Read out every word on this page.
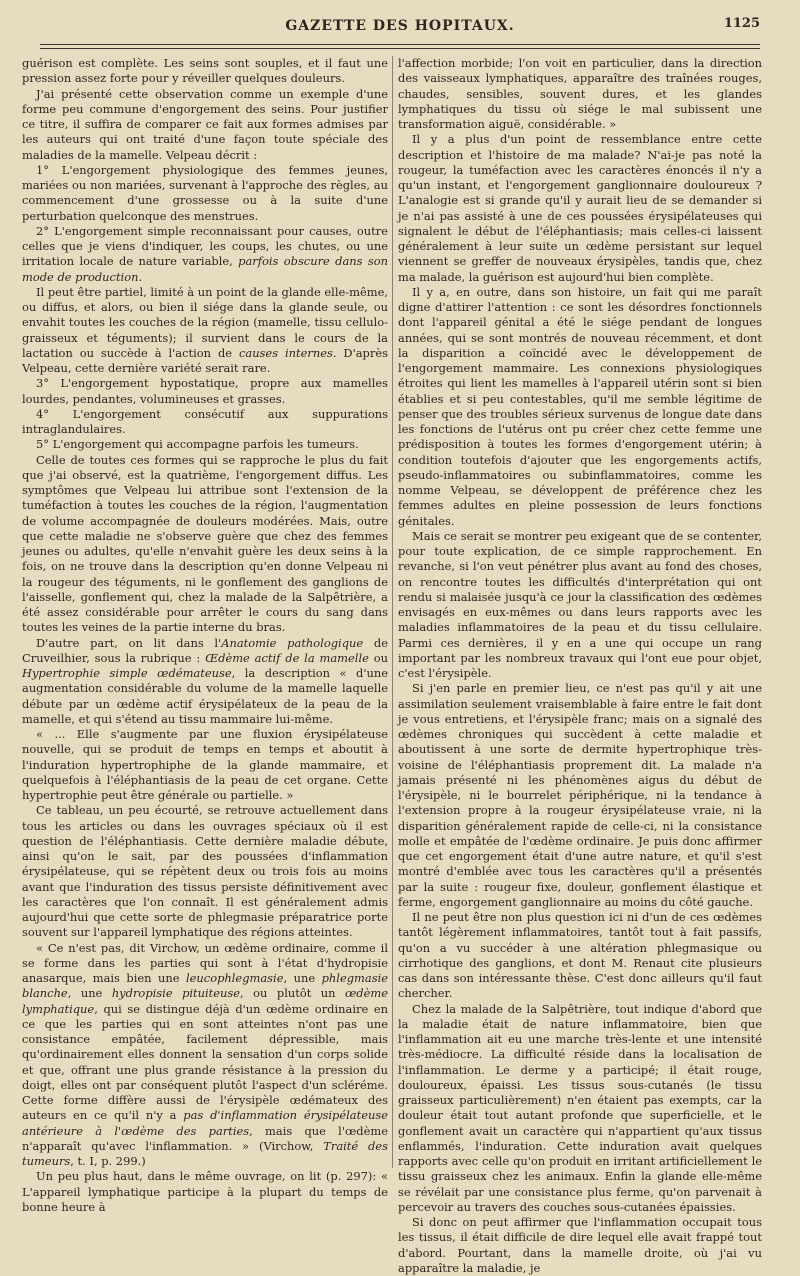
GAZETTE DES HOPITAUX.	1125

guérison est complète. Les seins sont souples, et il faut une pression assez forte pour y réveiller quelques douleurs.

J'ai présenté cette observation comme un exemple d'une forme peu commune d'engorgement des seins. Pour justifier ce titre, il suffira de comparer ce fait aux formes admises par les auteurs qui ont traité d'une façon toute spéciale des maladies de la mamelle. Velpeau décrit :

1° L'engorgement physiologique des femmes jeunes, mariées ou non mariées, survenant à l'approche des règles, au commencement d'une grossesse ou à la suite d'une perturbation quelconque des menstrues.

2° L'engorgement simple reconnaissant pour causes, outre celles que je viens d'indiquer, les coups, les chutes, ou une irritation locale de nature variable, parfois obscure dans son mode de production.

Il peut être partiel, limité à un point de la glande elle-même, ou diffus, et alors, ou bien il siége dans la glande seule, ou envahit toutes les couches de la région (mamelle, tissu cellulo-graisseux et téguments); il survient dans le cours de la lactation ou succède à l'action de causes internes. D'après Velpeau, cette dernière variété serait rare.

3° L'engorgement hypostatique, propre aux mamelles lourdes, pendantes, volumineuses et grasses.

4° L'engorgement consécutif aux suppurations intraglandulaires.

5° L'engorgement qui accompagne parfois les tumeurs.

Celle de toutes ces formes qui se rapproche le plus du fait que j'ai observé, est la quatrième, l'engorgement diffus. Les symptômes que Velpeau lui attribue sont l'extension de la tuméfaction à toutes les couches de la région, l'augmentation de volume accompagnée de douleurs modérées. Mais, outre que cette maladie ne s'observe guère que chez des femmes jeunes ou adultes, qu'elle n'envahit guère les deux seins à la fois, on ne trouve dans la description qu'en donne Velpeau ni la rougeur des téguments, ni le gonflement des ganglions de l'aisselle, gonflement qui, chez la malade de la Salpêtrière, a été assez considérable pour arrêter le cours du sang dans toutes les veines de la partie interne du bras.

D'autre part, on lit dans l'Anatomie pathologique de Cruveilhier, sous la rubrique : Œdème actif de la mamelle ou Hypertrophie simple œdémateuse, la description « d'une augmentation considérable du volume de la mamelle laquelle débute par un œdème actif érysipélateux de la peau de la mamelle, et qui s'étend au tissu mammaire lui-même.

« ... Elle s'augmente par une fluxion érysipélateuse nouvelle, qui se produit de temps en temps et aboutit à l'induration hypertrophiphe de la glande mammaire, et quelquefois à l'éléphantiasis de la peau de cet organe. Cette hypertrophie peut être générale ou partielle. »

Ce tableau, un peu écourté, se retrouve actuellement dans tous les articles ou dans les ouvrages spéciaux où il est question de l'éléphantiasis. Cette dernière maladie débute, ainsi qu'on le sait, par des poussées d'inflammation érysipélateuse, qui se répètent deux ou trois fois au moins avant que l'induration des tissus persiste définitivement avec les caractères que l'on connaît. Il est généralement admis aujourd'hui que cette sorte de phlegmasie préparatrice porte souvent sur l'appareil lymphatique des régions atteintes.

« Ce n'est pas, dit Virchow, un œdème ordinaire, comme il se forme dans les parties qui sont à l'état d'hydropisie anasarque, mais bien une leucophlegmasie, une phlegmasie blanche, une hydropisie pituiteuse, ou plutôt un œdème lymphatique, qui se distingue déjà d'un œdème ordinaire en ce que les parties qui en sont atteintes n'ont pas une consistance empâtée, facilement dépressible, mais qu'ordinairement elles donnent la sensation d'un corps solide et que, offrant une plus grande résistance à la pression du doigt, elles ont par conséquent plutôt l'aspect d'un scléréme. Cette forme diffère aussi de l'érysipèle œdémateux des auteurs en ce qu'il n'y a pas d'inflammation érysipélateuse antérieure à l'œdème des parties, mais que l'œdème n'apparaît qu'avec l'inflammation. » (Virchow, Traité des tumeurs, t. I, p. 299.)

Un peu plus haut, dans le même ouvrage, on lit (p. 297): « L'appareil lymphatique participe à la plupart du temps de bonne heure à

l'affection morbide; l'on voit en particulier, dans la direction des vaisseaux lymphatiques, apparaître des traînées rouges, chaudes, sensibles, souvent dures, et les glandes lymphatiques du tissu où siége le mal subissent une transformation aiguë, considérable. »

Il y a plus d'un point de ressemblance entre cette description et l'histoire de ma malade? N'ai-je pas noté la rougeur, la tuméfaction avec les caractères énoncés il n'y a qu'un instant, et l'engorgement ganglionnaire douloureux ? L'analogie est si grande qu'il y aurait lieu de se demander si je n'ai pas assisté à une de ces poussées érysipélateuses qui signalent le début de l'éléphantiasis; mais celles-ci laissent généralement à leur suite un œdème persistant sur lequel viennent se greffer de nouveaux érysipèles, tandis que, chez ma malade, la guérison est aujourd'hui bien complète.

Il y a, en outre, dans son histoire, un fait qui me paraît digne d'attirer l'attention : ce sont les désordres fonctionnels dont l'appareil génital a été le siége pendant de longues années, qui se sont montrés de nouveau récemment, et dont la disparition a coïncidé avec le développement de l'engorgement mammaire. Les connexions physiologiques étroites qui lient les mamelles à l'appareil utérin sont si bien établies et si peu contestables, qu'il me semble légitime de penser que des troubles sérieux survenus de longue date dans les fonctions de l'utérus ont pu créer chez cette femme une prédisposition à toutes les formes d'engorgement utérin; à condition toutefois d'ajouter que les engorgements actifs, pseudo-inflammatoires ou subinflammatoires, comme les nomme Velpeau, se développent de préférence chez les femmes adultes en pleine possession de leurs fonctions génitales.

Mais ce serait se montrer peu exigeant que de se contenter, pour toute explication, de ce simple rapprochement. En revanche, si l'on veut pénétrer plus avant au fond des choses, on rencontre toutes les difficultés d'interprétation qui ont rendu si malaisée jusqu'à ce jour la classification des œdèmes envisagés en eux-mêmes ou dans leurs rapports avec les maladies inflammatoires de la peau et du tissu cellulaire. Parmi ces dernières, il y en a une qui occupe un rang important par les nombreux travaux qui l'ont eue pour objet, c'est l'érysipèle.

Si j'en parle en premier lieu, ce n'est pas qu'il y ait une assimilation seulement vraisemblable à faire entre le fait dont je vous entretiens, et l'érysipèle franc; mais on a signalé des œdèmes chroniques qui succèdent à cette maladie et aboutissent à une sorte de dermite hypertrophique très-voisine de l'éléphantiasis proprement dit. La malade n'a jamais présenté ni les phénomènes aigus du début de l'érysipèle, ni le bourrelet périphérique, ni la tendance à l'extension propre à la rougeur érysipélateuse vraie, ni la disparition généralement rapide de celle-ci, ni la consistance molle et empâtée de l'œdème ordinaire. Je puis donc affirmer que cet engorgement était d'une autre nature, et qu'il s'est montré d'emblée avec tous les caractères qu'il a présentés par la suite : rougeur fixe, douleur, gonflement élastique et ferme, engorgement ganglionnaire au moins du côté gauche.

Il ne peut être non plus question ici ni d'un de ces œdèmes tantôt légèrement inflammatoires, tantôt tout à fait passifs, qu'on a vu succéder à une altération phlegmasique ou cirrhotique des ganglions, et dont M. Renaut cite plusieurs cas dans son intéressante thèse. C'est donc ailleurs qu'il faut chercher.

Chez la malade de la Salpêtrière, tout indique d'abord que la maladie était de nature inflammatoire, bien que l'inflammation ait eu une marche très-lente et une intensité très-médiocre. La difficulté réside dans la localisation de l'inflammation. Le derme y a participé; il était rouge, douloureux, épaissi. Les tissus sous-cutanés (le tissu graisseux particulièrement) n'en étaient pas exempts, car la douleur était tout autant profonde que superficielle, et le gonflement avait un caractère qui n'appartient qu'aux tissus enflammés, l'induration. Cette induration avait quelques rapports avec celle qu'on produit en irritant artificiellement le tissu graisseux chez les animaux. Enfin la glande elle-même se révélait par une consistance plus ferme, qu'on parvenait à percevoir au travers des couches sous-cutanées épaissies.

Si donc on peut affirmer que l'inflammation occupait tous les tissus, il était difficile de dire lequel elle avait frappé tout d'abord. Pourtant, dans la mamelle droite, où j'ai vu apparaître la maladie, je
